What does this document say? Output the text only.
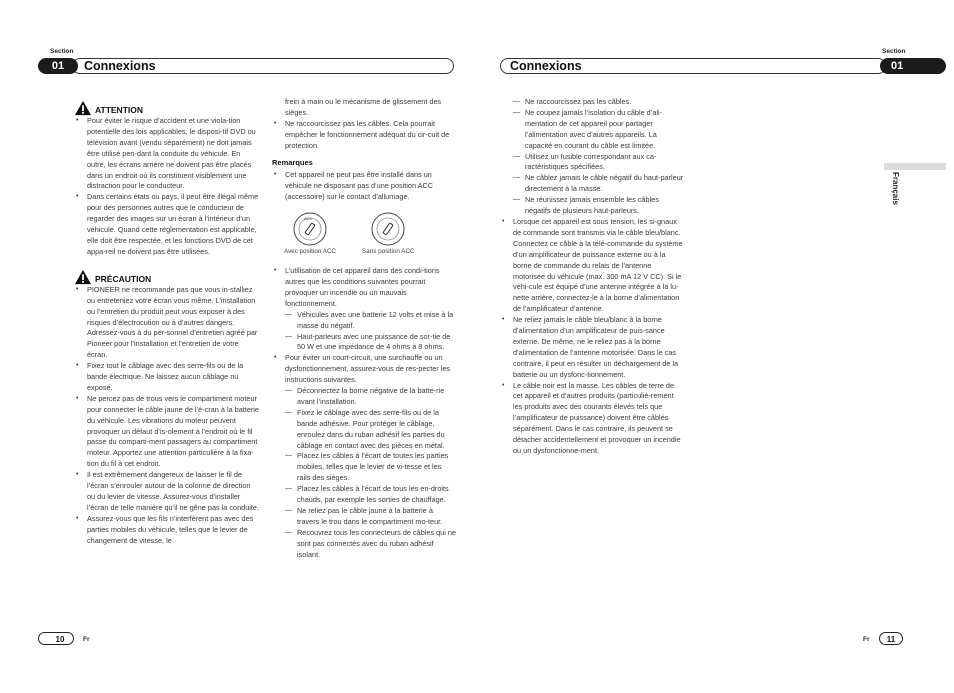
Section
01	Connexions
Section
01
Connexions
ATTENTION
• Pour éviter le risque d’accident et une viola-tion potentielle des lois applicables, le disposi-tif DVD ou télévision avant (vendu séparément) ne doit jamais être utilisé pen-dant la conduite du véhicule. En outre, les écrans arrière ne doivent pas être placés dans un endroit où ils constituent visiblement une distraction pour le conducteur.
• Dans certains états ou pays, il peut être illégal même pour des personnes autres que le conducteur de regarder des images sur un écran à l’intérieur d’un véhicule. Quand cette réglementation est applicable, elle doit être respectée, et les fonctions DVD de cet appa-reil ne doivent pas être utilisées.
PRÉCAUTION
• PIONEER ne recommande pas que vous in-stalliez ou entreteniez votre écran vous même. L’installation ou l’entretien du produit peut vous exposer à des risques d’électrocution ou à d’autres dangers. Adressez-vous à du per-sonnel d’entretien agréé par Pioneer pour l’installation et l’entretien de votre écran.
• Fixez tout le câblage avec des serre-fils ou de la bande électrique. Ne laissez aucun câblage nu exposé.
• Ne percez pas de trous vers le compartiment moteur pour connecter le câble jaune de l’é-cran à la batterie du véhicule. Les vibrations du moteur peuvent provoquer un défaut d’is-olement à l’endroit où le fil passe du comparti-ment passagers au compartiment moteur. Apportez une attention particulière à la fixa-tion du fil à cet endroit.
• Il est extrêmement dangereux de laisser le fil de l’écran s’enrouler autour de la colonne de direction ou du levier de vitesse. Assurez-vous d’installer l’écran de telle manière qu’il ne gêne pas la conduite.
• Assurez-vous que les fils n’interfèrent pas avec des parties mobiles du véhicule, telles que le levier de changement de vitesse, le

frein à main ou le mécanisme de glissement des sièges.

• Ne raccourcissez pas les câbles. Cela pourrait empêcher le fonctionnement adéquat du cir-cuit de protection.
Remarques
• Cet appareil ne peut pas être installé dans un véhicule ne disposant pas d’une position ACC (accessoire) sur le contact d’allumage.
ACC
Avec position ACC	Sans position ACC
• L’utilisation de cet appareil dans des condi-tions autres que les conditions suivantes pourrait provoquer un incendie ou un mauvais fonctionnement.
— Véhicules avec une batterie 12 volts et mise à la masse du négatif.
— Haut-parleurs avec une puissance de sor-tie de 50 W et une impédance de 4 ohms à 8 ohms.
• Pour éviter un court-circuit, une surchauffe ou un dysfonctionnement, assurez-vous de res-pecter les instructions suivantes.
— Déconnectez la borne négative de la batte-rie avant l’installation.
— Fixez le câblage avec des serre-fils ou de la bande adhésive. Pour protéger le câblage, enroulez dans du ruban adhésif les parties du câblage en contact avec des pièces en métal.
— Placez les câbles à l’écart de toutes les parties mobiles, telles que le levier de vi-tesse et les rails des sièges.
— Placez les câbles à l’écart de tous les en-droits chauds, par exemple les sorties de chauffage.
— Ne reliez pas le câble jaune à la batterie à travers le trou dans le compartiment mo-teur.
— Recouvrez tous les connecteurs de câbles qui ne sont pas connectés avec du ruban adhésif isolant.
— Ne raccourcissez pas les câbles.
— Ne coupez jamais l’isolation du câble d’ali-mentation de cet appareil pour partager l’alimentation avec d’autres appareils. La capacité en courant du câble est limitée.
— Utilisez un fusible correspondant aux ca-ractéristiques spécifiées.
— Ne câblez jamais le câble négatif du haut-parleur directement à la masse.
— Ne réunissez jamais ensemble les câbles négatifs de plusieurs haut-parleurs.
• Lorsque cet appareil est sous tension, les si-gnaux de commande sont transmis via le câble bleu/blanc. Connectez ce câble à la télé-commande du système d’un amplificateur de puissance externe ou à la borne de commande du relais de l’antenne motorisée du véhicule (max. 300 mA 12 V CC). Si le véhi-cule est équipé d’une antenne intégrée à la lu-nette arrière, connectez-le à la borne d’alimentation de l’amplificateur d’antenne.
• Ne reliez jamais le câble bleu/blanc à la borne d’alimentation d’un amplificateur de puis-sance externe. De même, ne le reliez pas à la borne d’alimentation de l’antenne motorisée. Dans le cas contraire, il peut en résulter un déchargement de la batterie ou un dysfonc-tionnement.
• Le câble noir est la masse. Les câbles de terre de cet appareil et d’autres produits (particuliè-rement les produits avec des courants élevés tels que l’amplificateur de puissance) doivent être câblés séparément. Dans le cas contraire, ils peuvent se détacher accidentellement et provoquer un incendie ou un dysfonctionne-ment.
Français
10	Fr	Fr	11
